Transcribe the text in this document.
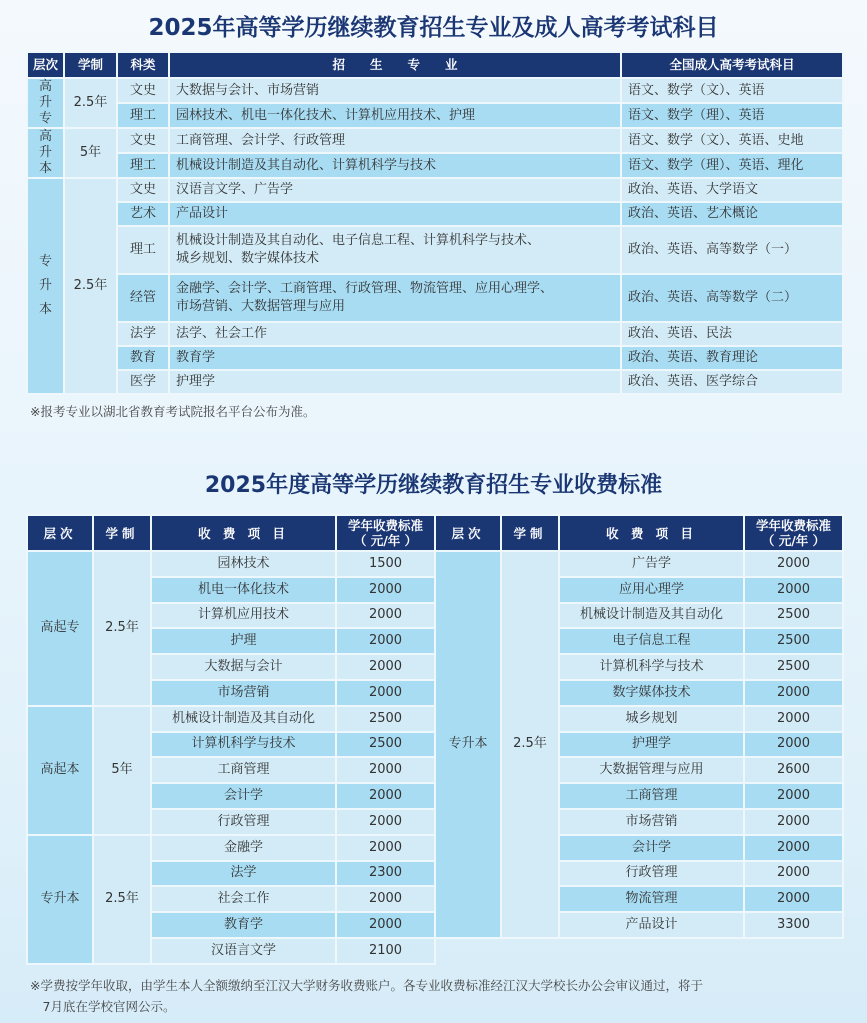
2025年高等学历继续教育招生专业及成人高考考试科目
层次	学制	科类	招　　生　　专　　业	全国成人高考考试科目
高升专	2.5年	文史	大数据与会计、市场营销	语文、数学（文）、英语
		理工	园林技术、机电一体化技术、计算机应用技术、护理	语文、数学（理）、英语
高升本	5年	文史	工商管理、会计学、行政管理	语文、数学（文）、英语、史地
		理工	机械设计制造及其自动化、计算机科学与技术	语文、数学（理）、英语、理化
专升本	2.5年	文史	汉语言文学、广告学	政治、英语、大学语文
		艺术	产品设计	政治、英语、艺术概论
		理工	机械设计制造及其自动化、电子信息工程、计算机科学与技术、
城乡规划、数字媒体技术	政治、英语、高等数学（一）
		经管	金融学、会计学、工商管理、行政管理、物流管理、应用心理学、
市场营销、大数据管理与应用	政治、英语、高等数学（二）
		法学	法学、社会工作	政治、英语、民法
		教育	教育学	政治、英语、教育理论
		医学	护理学	政治、英语、医学综合
※报考专业以湖北省教育考试院报名平台公布为准。
2025年度高等学历继续教育招生专业收费标准
层次	学制	收 费 项 目	学年收费标准
（ 元/年 ）

高起专	2.5年	园林技术	1500
		机电一体化技术	2000
		计算机应用技术	2000
		护理	2000
		大数据与会计	2000
		市场营销	2000
高起本	5年	机械设计制造及其自动化	2500
		计算机科学与技术	2500
		工商管理	2000
		会计学	2000
		行政管理	2000
专升本	2.5年	金融学	2000
		法学	2300
		社会工作	2000
		教育学	2000
		汉语言文学	2100
层次	学制	收 费 项 目	学年收费标准
（ 元/年 ）

专升本	2.5年	广告学	2000
		应用心理学	2000
		机械设计制造及其自动化	2500
		电子信息工程	2500
		计算机科学与技术	2500
		数字媒体技术	2000
		城乡规划	2000
		护理学	2000
		大数据管理与应用	2600
		工商管理	2000
		市场营销	2000
		会计学	2000
		行政管理	2000
		物流管理	2000
		产品设计	3300
※学费按学年收取，由学生本人全额缴纳至江汉大学财务收费账户。各专业收费标准经江汉大学校长办公会审议通过，将于
　7月底在学校官网公示。
